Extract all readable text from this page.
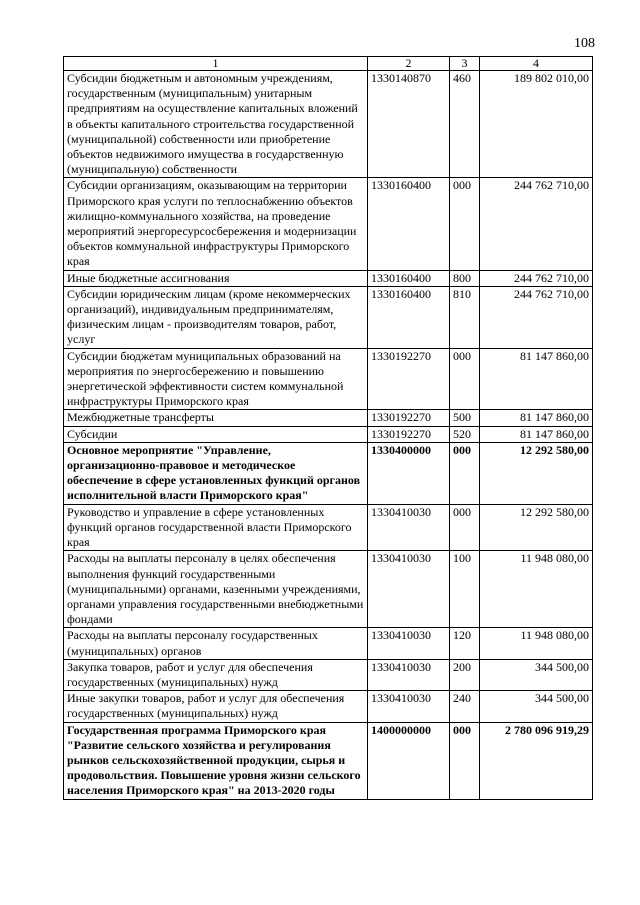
108
1	2	3	4
Субсидии бюджетным и автономным учреждениям, государственным (муниципальным) унитарным предприятиям на осуществление капитальных вложений в объекты капитального строительства государственной (муниципальной) собственности или приобретение объектов недвижимого имущества в государственную (муниципальную) собственности	1330140870	460	189 802 010,00
Субсидии организациям, оказывающим на территории Приморского края услуги по теплоснабжению объектов жилищно-коммунального хозяйства, на проведение мероприятий энергоресурсосбережения и модернизации объектов коммунальной инфраструктуры Приморского края	1330160400	000	244 762 710,00
Иные бюджетные ассигнования	1330160400	800	244 762 710,00
Субсидии юридическим лицам (кроме некоммерческих организаций), индивидуальным предпринимателям, физическим лицам - производителям товаров, работ, услуг	1330160400	810	244 762 710,00
Субсидии бюджетам муниципальных образований на мероприятия по энергосбережению и повышению энергетической эффективности систем коммунальной инфраструктуры Приморского края	1330192270	000	81 147 860,00
Межбюджетные трансферты	1330192270	500	81 147 860,00
Субсидии	1330192270	520	81 147 860,00
Основное мероприятие "Управление, организационно-правовое и методическое обеспечение в сфере установленных функций органов исполнительной власти Приморского края"	1330400000	000	12 292 580,00
Руководство и управление в сфере установленных функций органов государственной власти Приморского края	1330410030	000	12 292 580,00
Расходы на выплаты персоналу в целях обеспечения выполнения функций государственными (муниципальными) органами, казенными учреждениями, органами управления государственными внебюджетными фондами	1330410030	100	11 948 080,00
Расходы на выплаты персоналу государственных (муниципальных) органов	1330410030	120	11 948 080,00
Закупка товаров, работ и услуг для обеспечения государственных (муниципальных) нужд	1330410030	200	344 500,00
Иные закупки товаров, работ и услуг для обеспечения государственных (муниципальных) нужд	1330410030	240	344 500,00
Государственная программа Приморского края "Развитие сельского хозяйства и регулирования рынков сельскохозяйственной продукции, сырья и продовольствия. Повышение уровня жизни сельского населения Приморского края" на 2013-2020 годы	1400000000	000	2 780 096 919,29
